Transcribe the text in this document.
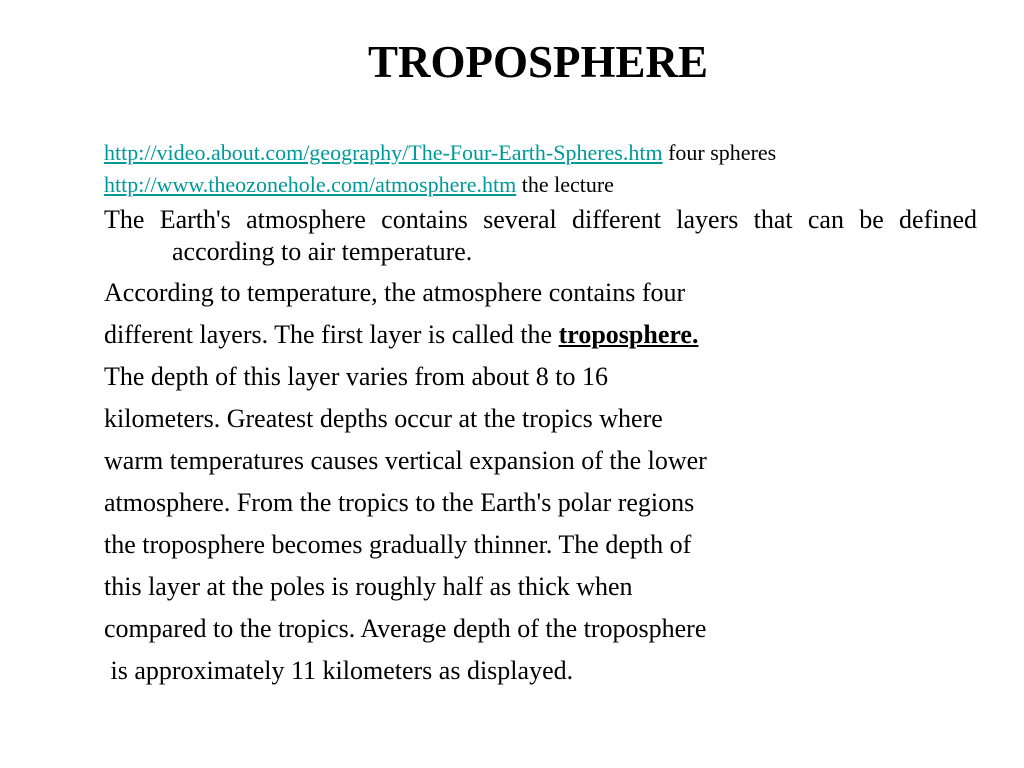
TROPOSPHERE

http://video.about.com/geography/The-Four-Earth-Spheres.htm four spheres

http://www.theozonehole.com/atmosphere.htm the lecture

The Earth's atmosphere contains several different layers that can be defined according to air temperature.

According to temperature, the atmosphere contains four

different layers. The first layer is called the troposphere.

The depth of this layer varies from about 8 to 16

kilometers. Greatest depths occur at the tropics where

warm temperatures causes vertical expansion of the lower

atmosphere. From the tropics to the Earth's polar regions

the troposphere becomes gradually thinner. The depth of

this layer at the poles is roughly half as thick when

compared to the tropics. Average depth of the troposphere

is approximately 11 kilometers as displayed.
